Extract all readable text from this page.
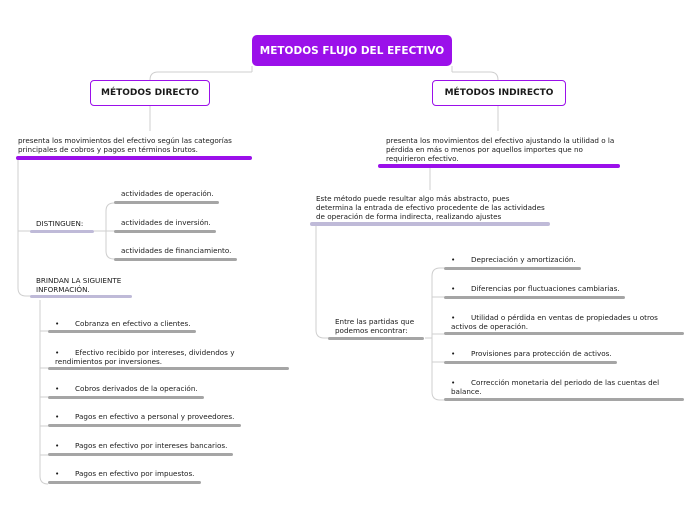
METODOS FLUJO DEL EFECTIVO
MÉTODOS DIRECTO
presenta los movimientos del efectivo según las categorías
principales de cobros y pagos en términos brutos.
DISTINGUEN:
actividades de operación.
actividades de inversión.
actividades de financiamiento.
BRINDAN LA SIGUIENTE
INFORMACIÓN.
• Cobranza en efectivo a clientes.
• Efectivo recibido por intereses, dividendos y rendimientos por inversiones.
• Cobros derivados de la operación.
• Pagos en efectivo a personal y proveedores.
• Pagos en efectivo por intereses bancarios.
• Pagos en efectivo por impuestos.
MÉTODOS INDIRECTO
presenta los movimientos del efectivo ajustando la utilidad o la
pérdida en más o menos por aquellos importes que no
requirieron efectivo.
Este método puede resultar algo más abstracto, pues
determina la entrada de efectivo procedente de las actividades
de operación de forma indirecta, realizando ajustes
Entre las partidas que
podemos encontrar:
• Depreciación y amortización.
• Diferencias por fluctuaciones cambiarias.
• Utilidad o pérdida en ventas de propiedades u otros activos de operación.
• Provisiones para protección de activos.
• Corrección monetaria del periodo de las cuentas del balance.
